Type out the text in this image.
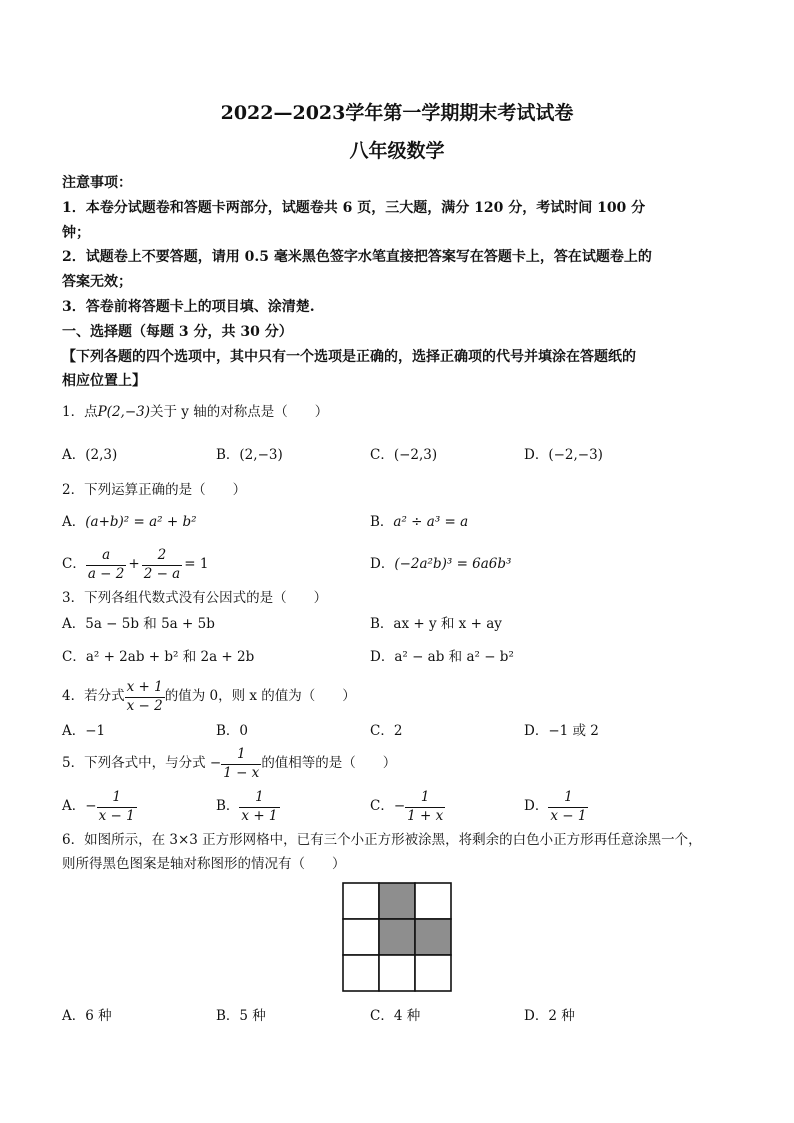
2022—2023学年第一学期期末考试试卷
八年级数学
注意事项：
1．本卷分试题卷和答题卡两部分，试题卷共 6 页，三大题，满分 120 分，考试时间 100 分
钟；
2．试题卷上不要答题，请用 0.5 毫米黑色签字水笔直接把答案写在答题卡上，答在试题卷上的
答案无效；
3．答卷前将答题卡上的项目填、涂清楚.
一、选择题（每题 3 分，共 30 分）
【下列各题的四个选项中，其中只有一个选项是正确的，选择正确项的代号并填涂在答题纸的
相应位置上】
1．点P(2,−3)关于 y 轴的对称点是（　　）
A．(2,3)	B．(2,−3)	C．(−2,3)	D．(−2,−3)
2．下列运算正确的是（　　）
A．(a+b)² = a² + b²	B．a² ÷ a³ = a
C． $\frac{a}{a - 2} + \frac{2}{2 - a} = 1$	D．(−2a²b)³ = 6a6b³
3．下列各组代数式没有公因式的是（　　）
A．5a − 5b 和 5a + 5b	B．ax + y 和 x + ay
C．a² + 2ab + b² 和 2a + 2b	D．a² − ab 和 a² − b²
4．若分式 $\frac{x + 1}{x - 2}$ 的值为 0，则 x 的值为（　　）
A．−1	B．0	C．2	D．−1 或 2
5．下列各式中，与分式 − $\frac{1}{1 - x}$ 的值相等的是（　　）
A．− $\frac{1}{x - 1}$	B． $\frac{1}{x + 1}$	C．− $\frac{1}{1 + x}$	D． $\frac{1}{x - 1}$
6．如图所示，在 3×3 正方形网格中，已有三个小正方形被涂黑，将剩余的白色小正方形再任意涂黑一个，
则所得黑色图案是轴对称图形的情况有（　　）
A．6 种	B．5 种	C．4 种	D．2 种
